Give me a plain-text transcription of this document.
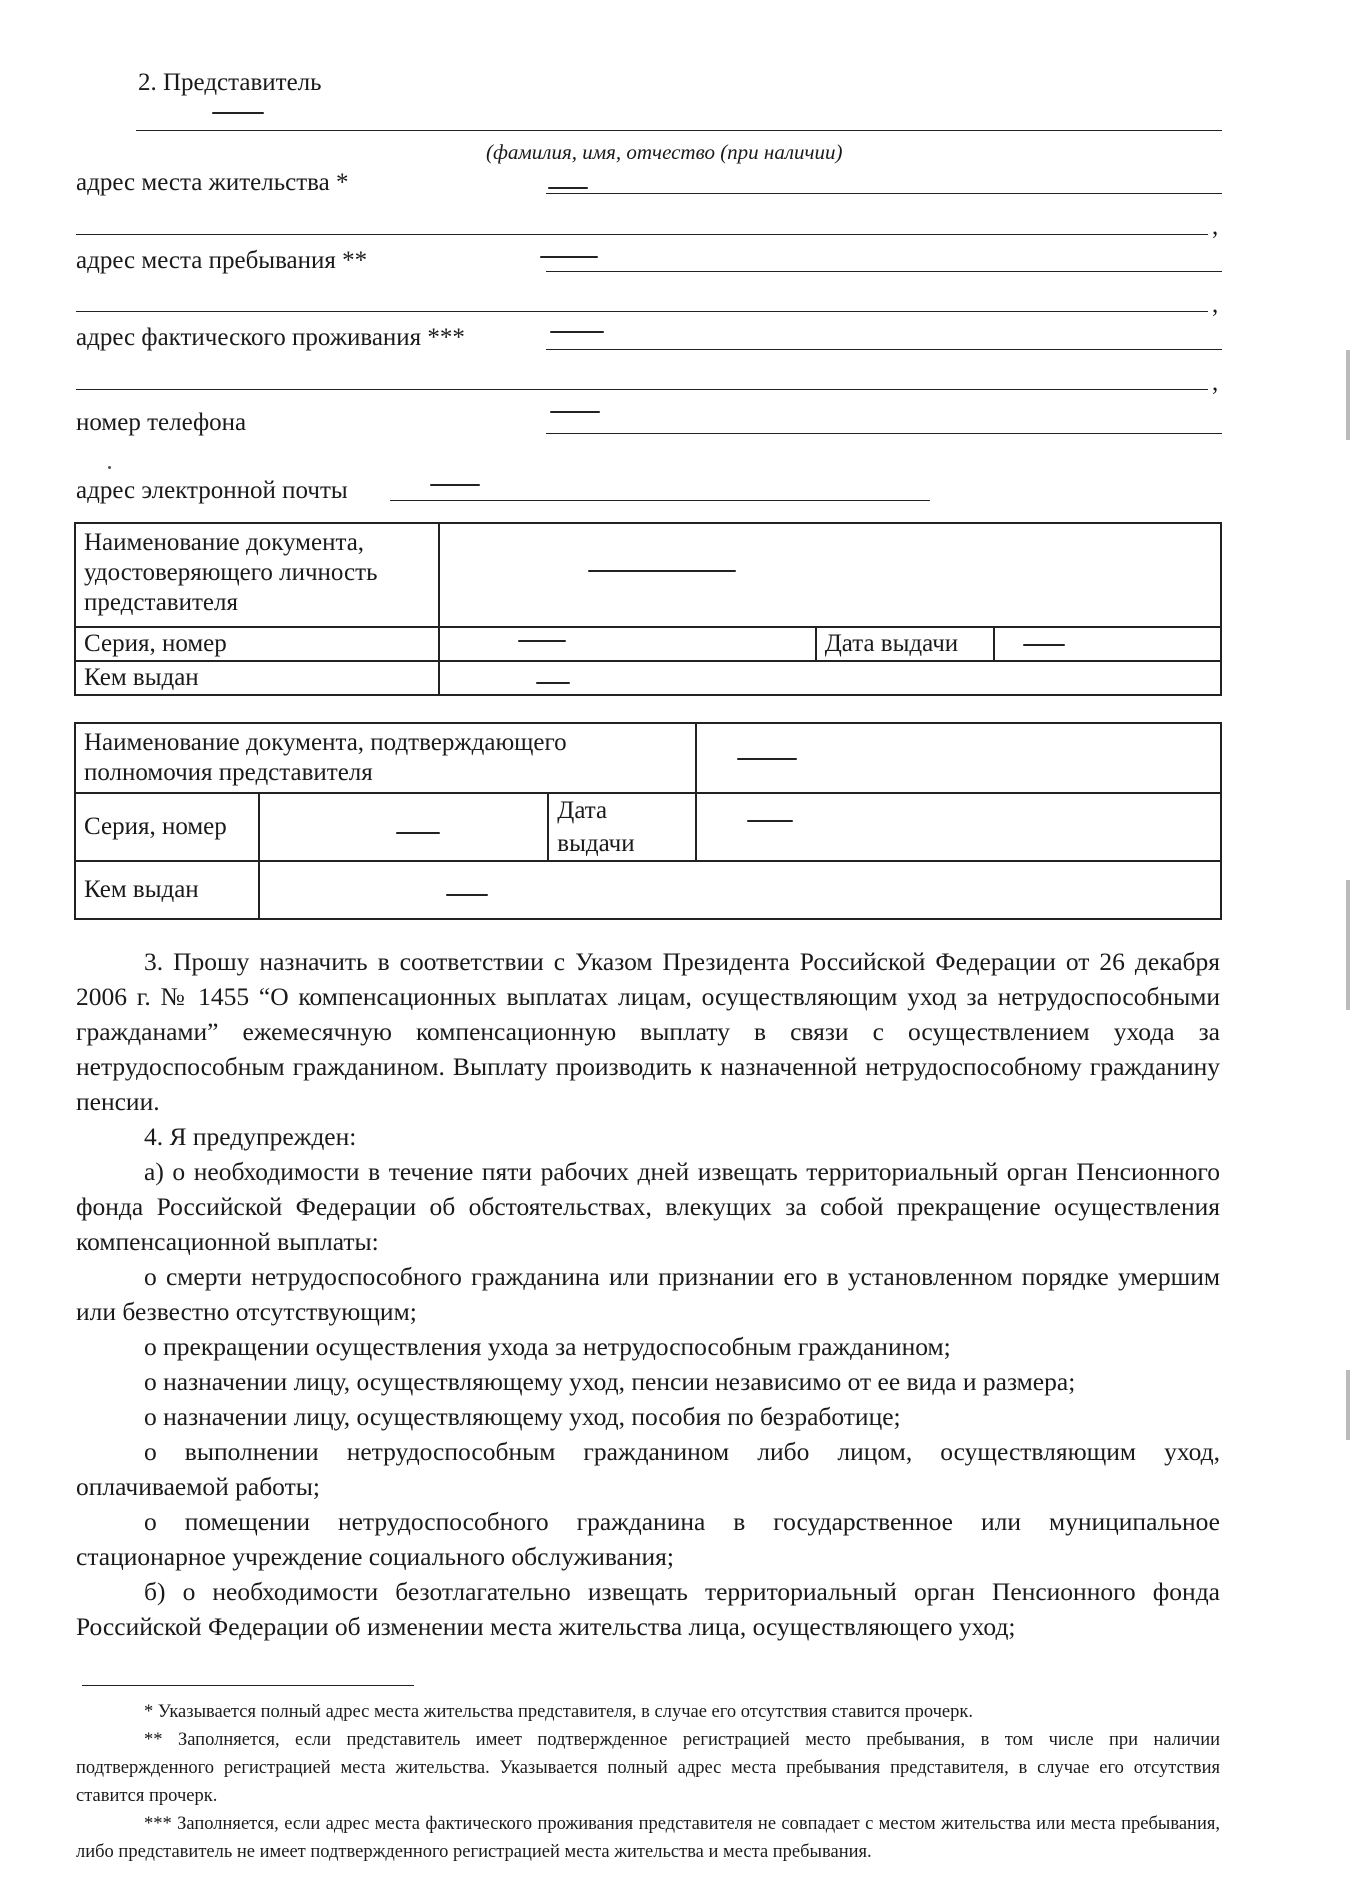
2. Представитель
(фамилия, имя, отчество (при наличии)
адрес места жительства *
,
адрес места пребывания **
,
адрес фактического проживания ***
,
номер телефона
адрес электронной почты
Наименование документа, удостоверяющего личность представителя			

Серия, номер		Дата выдачи	

Кем выдан			
Наименование документа, подтверждающего полномочия представителя			

Серия, номер		Дата выдачи	

Кем выдан			
3. Прошу назначить в соответствии с Указом Президента Российской Федерации от 26 декабря 2006 г. № 1455 “О компенсационных выплатах лицам, осуществляющим уход за нетрудоспособными гражданами” ежемесячную компенсационную выплату в связи с осуществлением ухода за нетрудоспособным гражданином. Выплату производить к назначенной нетрудоспособному гражданину пенсии.
4. Я предупрежден:
а) о необходимости в течение пяти рабочих дней извещать территориальный орган Пенсионного фонда Российской Федерации об обстоятельствах, влекущих за собой прекращение осуществления компенсационной выплаты:
о смерти нетрудоспособного гражданина или признании его в установленном порядке умершим или безвестно отсутствующим;
о прекращении осуществления ухода за нетрудоспособным гражданином;
о назначении лицу, осуществляющему уход, пенсии независимо от ее вида и размера;
о назначении лицу, осуществляющему уход, пособия по безработице;
о выполнении нетрудоспособным гражданином либо лицом, осуществляющим уход, оплачиваемой работы;
о помещении нетрудоспособного гражданина в государственное или муниципальное стационарное учреждение социального обслуживания;
б) о необходимости безотлагательно извещать территориальный орган Пенсионного фонда Российской Федерации об изменении места жительства лица, осуществляющего уход;
* Указывается полный адрес места жительства представителя, в случае его отсутствия ставится прочерк.
** Заполняется, если представитель имеет подтвержденное регистрацией место пребывания, в том числе при наличии подтвержденного регистрацией места жительства. Указывается полный адрес места пребывания представителя, в случае его отсутствия ставится прочерк.
*** Заполняется, если адрес места фактического проживания представителя не совпадает с местом жительства или места пребывания, либо представитель не имеет подтвержденного регистрацией места жительства и места пребывания.
